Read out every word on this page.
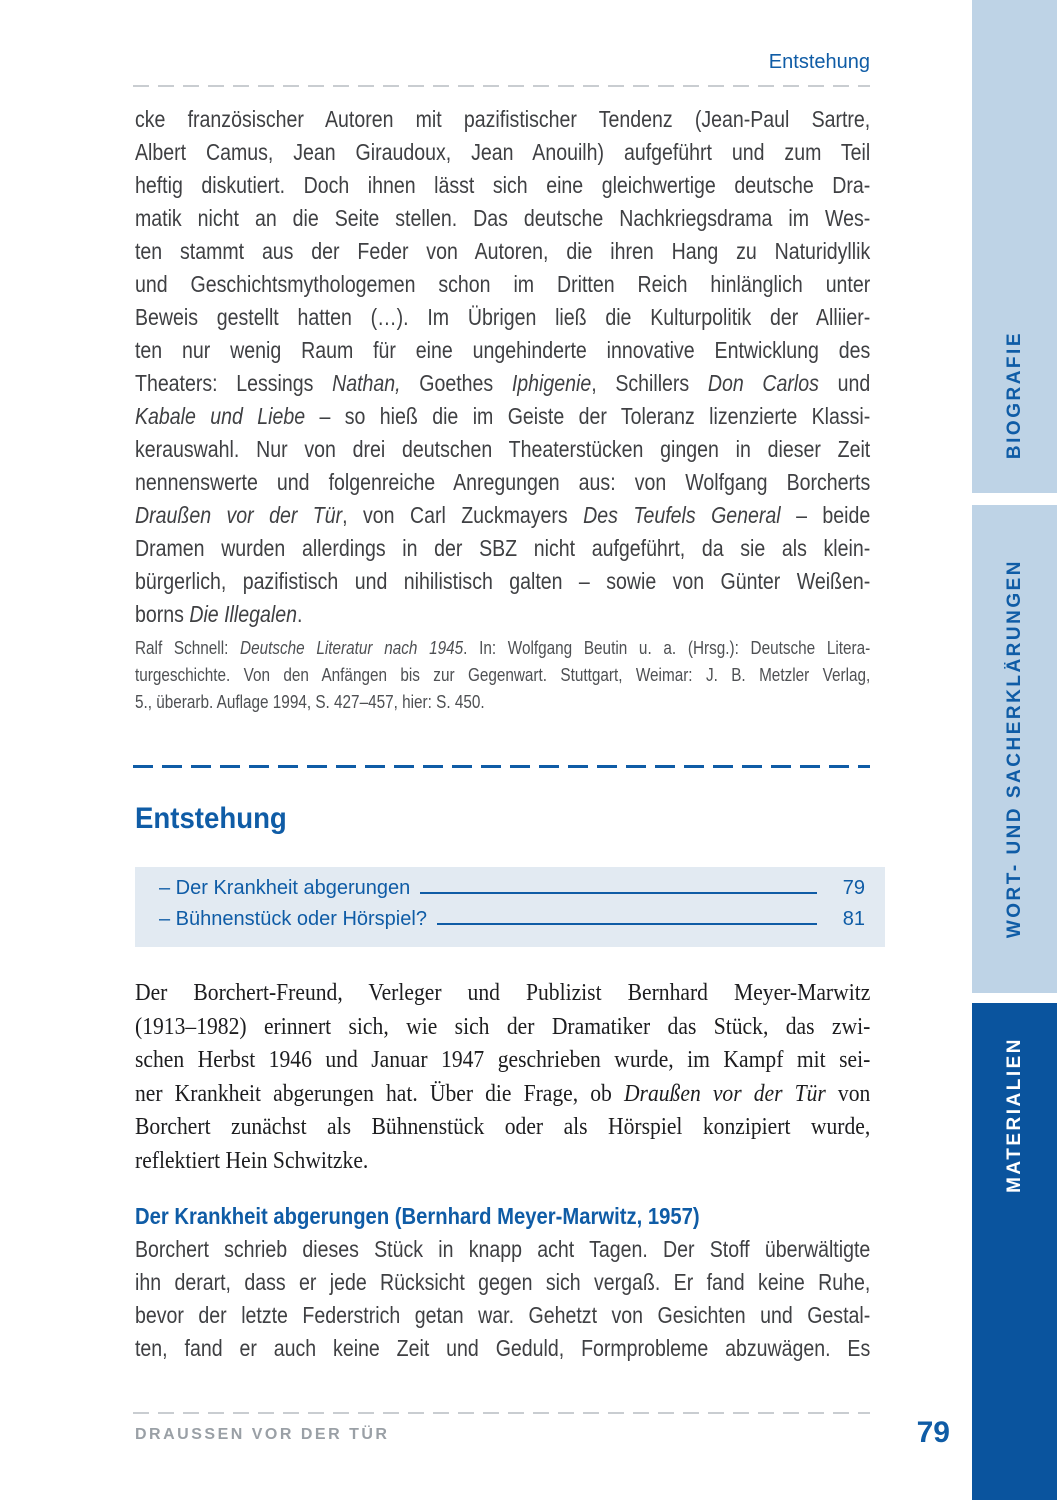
Entstehung
cke französischer Autoren mit pazifistischer Tendenz (Jean-Paul Sartre,
Albert Camus, Jean Giraudoux, Jean Anouilh) aufgeführt und zum Teil
heftig diskutiert. Doch ihnen lässt sich eine gleichwertige deutsche Dra-
matik nicht an die Seite stellen. Das deutsche Nachkriegsdrama im Wes-
ten stammt aus der Feder von Autoren, die ihren Hang zu Naturidyllik
und Geschichtsmythologemen schon im Dritten Reich hinlänglich unter
Beweis gestellt hatten (…). Im Übrigen ließ die Kulturpolitik der Alliier-
ten nur wenig Raum für eine ungehinderte innovative Entwicklung des
Theaters: Lessings Nathan, Goethes Iphigenie, Schillers Don Carlos und
Kabale und Liebe – so hieß die im Geiste der Toleranz lizenzierte Klassi-
kerauswahl. Nur von drei deutschen Theaterstücken gingen in dieser Zeit
nennenswerte und folgenreiche Anregungen aus: von Wolfgang Borcherts
Draußen vor der Tür, von Carl Zuckmayers Des Teufels General – beide
Dramen wurden allerdings in der SBZ nicht aufgeführt, da sie als klein-
bürgerlich, pazifistisch und nihilistisch galten – sowie von Günter Weißen-
borns Die Illegalen.
Ralf Schnell: Deutsche Literatur nach 1945. In: Wolfgang Beutin u. a. (Hrsg.): Deutsche Litera-
turgeschichte. Von den Anfängen bis zur Gegenwart. Stuttgart, Weimar: J. B. Metzler Verlag,
5., überarb. Auflage 1994, S. 427–457, hier: S. 450.
Entstehung
– Der Krankheit abgerungen	79
– Bühnenstück oder Hörspiel?	81
Der Borchert-Freund, Verleger und Publizist Bernhard Meyer-Marwitz
(1913–1982) erinnert sich, wie sich der Dramatiker das Stück, das zwi-
schen Herbst 1946 und Januar 1947 geschrieben wurde, im Kampf mit sei-
ner Krankheit abgerungen hat. Über die Frage, ob Draußen vor der Tür von
Borchert zunächst als Bühnenstück oder als Hörspiel konzipiert wurde,
reflektiert Hein Schwitzke.
Der Krankheit abgerungen (Bernhard Meyer-Marwitz, 1957)
Borchert schrieb dieses Stück in knapp acht Tagen. Der Stoff überwältigte
ihn derart, dass er jede Rücksicht gegen sich vergaß. Er fand keine Ruhe,
bevor der letzte Federstrich getan war. Gehetzt von Gesichten und Gestal-
ten, fand er auch keine Zeit und Geduld, Formprobleme abzuwägen. Es
DRAUSSEN VOR DER TÜR	79
BIOGRAFIE
WORT- UND SACHERKLÄRUNGEN
MATERIALIEN
